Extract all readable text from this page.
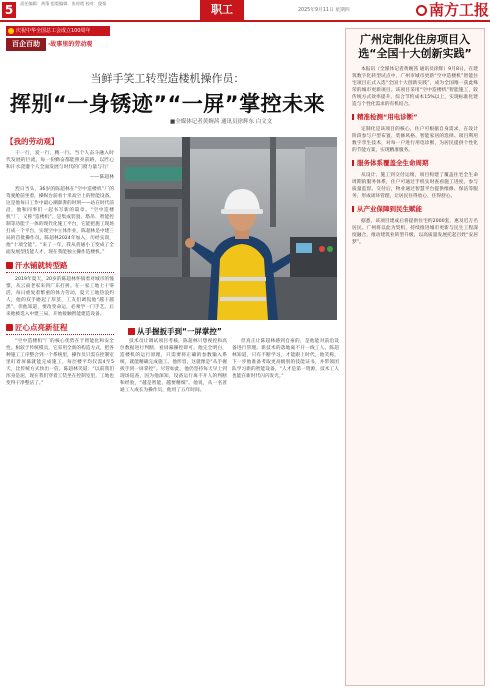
5	责任编辑：黄箫 组版编辑：张琼霞 校对：俊菊	职工	2025年9月11日 星期四	南方工报
庆祝中华全国总工会成立100周年
百企百助	·故事里的劳动观
当鲜手笑工转型造楼机操作员：
挥别“一身锈迹”“一屏”掌控未来
■全媒体记者黄婉茜 通讯员徐辉东 白文文
【我的劳动观】
干一行，爱一行，精一行。当个人奋斗融入时代发展的巨流，每一份勤奋都能照亮前路，以匠心和汗水浇灌个人全面发展与时代的门窗力量与行！
——陈超林
烈日当头，36岁的陈超林在“空中造楼机”厂的驾驶舱前坐着，操纵台前看十米高空上的智能设备。这是他每日工作中最心潮澎湃的时刻——站在时代前沿，他和同事们一起书写新的篇章。“空中造楼机”厂，又称“造楼机”，是集成装置、塔吊、智能控制等功能于一体的现代化施工平台，它能把施工现场打成一个平台，实现空中立体作业，陈超林是中建三局的首批操作员。陈超林2024年加入，历经实训，他“十项全能”。“来了一年，我从普通小工变成了全面发展型技能人才，现在我能独立操作造楼机。”
汗水铺就转型路
2019年夏天，20岁的陈超林怀揣着对城市的憧憬，从云南老家来到广东打拼。在一家工地上干零活，每日重复着繁重的体力劳动，夏天工地热浪灼人，他的双手磨起了厚茧，工友们调侃他“越干越黑”，但他知道，要改变命运，必须学一门手艺。后来他被选入中建三局，开始接触智能建造设备。
匠心点亮新征程
“空中造楼机”厂的核心优势在于智能化和安全性。相较于传统模具，它采用全新的构造方式，把各种施工工序整合到一个系统里，操作员只需在控制室里盯着屏幕就能完成施工，每层楼平均仅需4至5天，比传统方式快出一倍。陈超林笑道：“以前我们浑身是泥，现在我们穿着工装坐在控制室里，工地也变得干净整洁了。”
从手握扳手到“一屏掌控”
技术员让调试项目考核，陈超林只想视控和高位数据进行判断，看屏幕操控即可。他完全明白，造楼机的运行原理，只需要将正确的参数输入系统，就能精确完成施工。他形容，这就像是“从手握扳手到一屏掌控”。尽管如此，他仍坚持每天早上到现场巡查，因为他深知，设备运行离不开人的判断和经验，“越是智能，越要精细”。他说，从一名普通工人成长为操作员，他用了五年时间。
但真正让陈超林感到自豪的，是他能对前沿设备进行管理。新技术的落地离不开一线工人。陈超林知道，只有不断学习，才能跟上时代，他笑称，下一步他准备考取更高级别的技能证书，并带领团队学习新的智能设备，“人才是第一资源，技术工人也能在新时代闪闪发光。”
广州定制化住房项目入选“全国十大创新实践”
本报讯（全媒体记者黄婉茜 通讯员徐辉）9月8日，在建筑数字化转型试点中，广州市城市更新“空中造楼机”智能住宅项目正式入选“全国十大创新实践”，成为全国唯一获此殊荣的城市更新项目。该项目采用“空中造楼机”智能施工，较传统方式效率提升，综合节约成本15%以上，实现标准化建造与个性化需求的有机结合。
精准检测“用电诊断”
定制化是该项目的核心，住户可根据自身需求，在设计阶段参与户型布置、装修风格、智能家居的选择。项目利用数字孪生技术，对每一户进行用电诊断，为居民提供个性化的节能方案，实现精准服务。
服务体系覆盖全生命周期
从设计、施工到交付运维，项目构建了覆盖住宅全生命周期的服务体系，住户可通过手机实时查看施工进度，参与质量监督。交付后，物业通过智慧平台提供维修、保洁等服务，形成闭环管理，让居民住得放心、住得舒心。
从产业保障到民生赋能
据悉，该项目建成后将提供住宅约2000套，惠及近万名居民。广州将以此为契机，持续推进城市更新与民生工程深度融合，推动建筑业转型升级，以高质量发展托起百姓“安居梦”。
